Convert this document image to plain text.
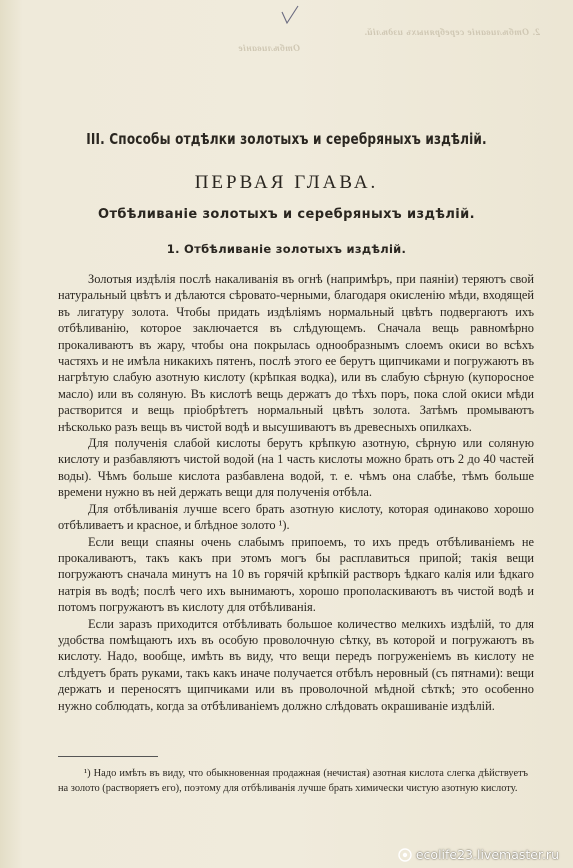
2. Отбѣливаніе серебряныхъ издѣлій.
Отбѣливаніе
III. Способы отдѣлки золотыхъ и серебряныхъ издѣлій.
ПЕРВАЯ ГЛАВА.
Отбѣливаніе золотыхъ и серебряныхъ издѣлій.
1. Отбѣливаніе золотыхъ издѣлій.

Золотыя издѣлія послѣ накаливанія въ огнѣ (напримѣръ, при паяніи) теряютъ свой натуральный цвѣтъ и дѣлаются сѣровато-черными, благодаря окисленію мѣди, входящей въ лигатуру золота. Чтобы придать издѣліямъ нормальный цвѣтъ подвергаютъ ихъ отбѣливанію, которое заключается въ слѣдующемъ. Сначала вещь равномѣрно прокаливаютъ въ жару, чтобы она покрылась однообразнымъ слоемъ окиси во всѣхъ частяхъ и не имѣла никакихъ пятенъ, послѣ этого ее берутъ щипчиками и погружаютъ въ нагрѣтую слабую азотную кислоту (крѣпкая водка), или въ слабую сѣрную (купоросное масло) или въ соляную. Въ кислотѣ вещь держатъ до тѣхъ поръ, пока слой окиси мѣди растворится и вещь пріобрѣтетъ нормальный цвѣтъ золота. Затѣмъ промываютъ нѣсколько разъ вещь въ чистой водѣ и высушиваютъ въ древесныхъ опилкахъ.

Для полученія слабой кислоты берутъ крѣпкую азотную, сѣрную или соляную кислоту и разбавляютъ чистой водой (на 1 часть кислоты можно брать отъ 2 до 40 частей воды). Чѣмъ больше кислота разбавлена водой, т. е. чѣмъ она слабѣе, тѣмъ больше времени нужно въ ней держать вещи для полученія отбѣла.

Для отбѣливанія лучше всего брать азотную кислоту, которая одинаково хорошо отбѣливаетъ и красное, и блѣдное золото ¹).

Если вещи спаяны очень слабымъ припоемъ, то ихъ предъ отбѣливаніемъ не прокаливаютъ, такъ какъ при этомъ могъ бы расплавиться припой; такія вещи погружаютъ сначала минутъ на 10 въ горячій крѣпкій растворъ ѣдкаго калія или ѣдкаго натрія въ водѣ; послѣ чего ихъ вынимаютъ, хорошо прополаскиваютъ въ чистой водѣ и потомъ погружаютъ въ кислоту для отбѣливанія.

Если заразъ приходится отбѣливать большое количество мелкихъ издѣлій, то для удобства помѣщаютъ ихъ въ особую проволочную сѣтку, въ которой и погружаютъ въ кислоту. Надо, вообще, имѣть въ виду, что вещи передъ погруженіемъ въ кислоту не слѣдуетъ брать руками, такъ какъ иначе получается отбѣлъ неровный (съ пятнами): вещи держатъ и переносятъ щипчиками или въ проволочной мѣдной сѣткѣ; это особенно нужно соблюдать, когда за отбѣливаніемъ должно слѣдовать окрашиваніе издѣлій.

¹) Надо имѣть въ виду, что обыкновенная продажная (нечистая) азотная кислота слегка дѣйствуетъ на золото (растворяетъ его), поэтому для отбѣливанія лучше брать химически чистую азотную кислоту.

ecolife23.livemaster.ru
